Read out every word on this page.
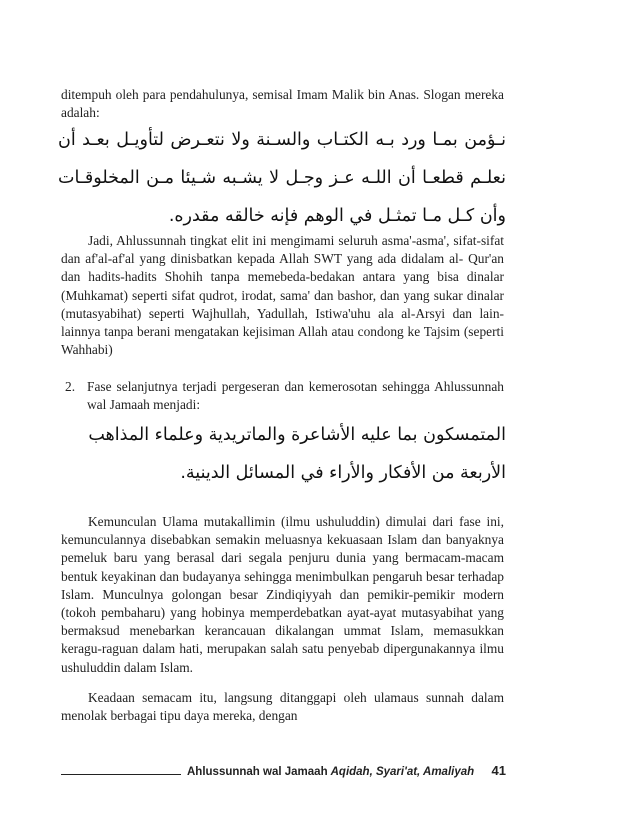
ditempuh oleh para pendahulunya, semisal Imam Malik bin Anas. Slogan mereka adalah:

نـؤمن بمـا ورد بـه الكتـاب والسـنة ولا نتعـرض لتأويـل بعـد أن نعلـم قطعـا أن اللـه عـز وجـل لا يشـبه شـيئا مـن المخلوقـات وأن كـل مـا تمثـل في الوهم فإنه خالقه مقدره.

Jadi, Ahlussunnah tingkat elit ini mengimami seluruh asma'-asma', sifat-sifat dan af'al-af'al yang dinisbatkan kepada Allah SWT yang ada didalam al- Qur'an dan hadits-hadits Shohih tanpa memebeda-bedakan antara yang bisa dinalar (Muhkamat) seperti sifat qudrot, irodat, sama' dan bashor, dan yang sukar dinalar (mutasyabihat) seperti Wajhullah, Yadullah, Istiwa'uhu ala al-Arsyi dan lain-lainnya tanpa berani mengatakan kejisiman Allah atau condong ke Tajsim (seperti Wahhabi)

2. Fase selanjutnya terjadi pergeseran dan kemerosotan sehingga Ahlussunnah wal Jamaah menjadi:

المتمسكون بما عليه الأشاعرة والماتريدية وعلماء المذاهب الأربعة من الأفكار والأراء في المسائل الدينية.

Kemunculan Ulama mutakallimin (ilmu ushuluddin) dimulai dari fase ini, kemunculannya disebabkan semakin meluasnya kekuasaan Islam dan banyaknya pemeluk baru yang berasal dari segala penjuru dunia yang bermacam-macam bentuk keyakinan dan budayanya sehingga menimbulkan pengaruh besar terhadap Islam. Munculnya golongan besar Zindiqiyyah dan pemikir-pemikir modern (tokoh pembaharu) yang hobinya memperdebatkan ayat-ayat mutasyabihat yang bermaksud menebarkan kerancauan dikalangan ummat Islam, memasukkan keragu-raguan dalam hati, merupakan salah satu penyebab dipergunakannya ilmu ushuluddin dalam Islam.

Keadaan semacam itu, langsung ditanggapi oleh ulamaus sunnah dalam menolak berbagai tipu daya mereka, dengan

Ahlussunnah wal Jamaah Aqidah, Syari'at, Amaliyah 41
